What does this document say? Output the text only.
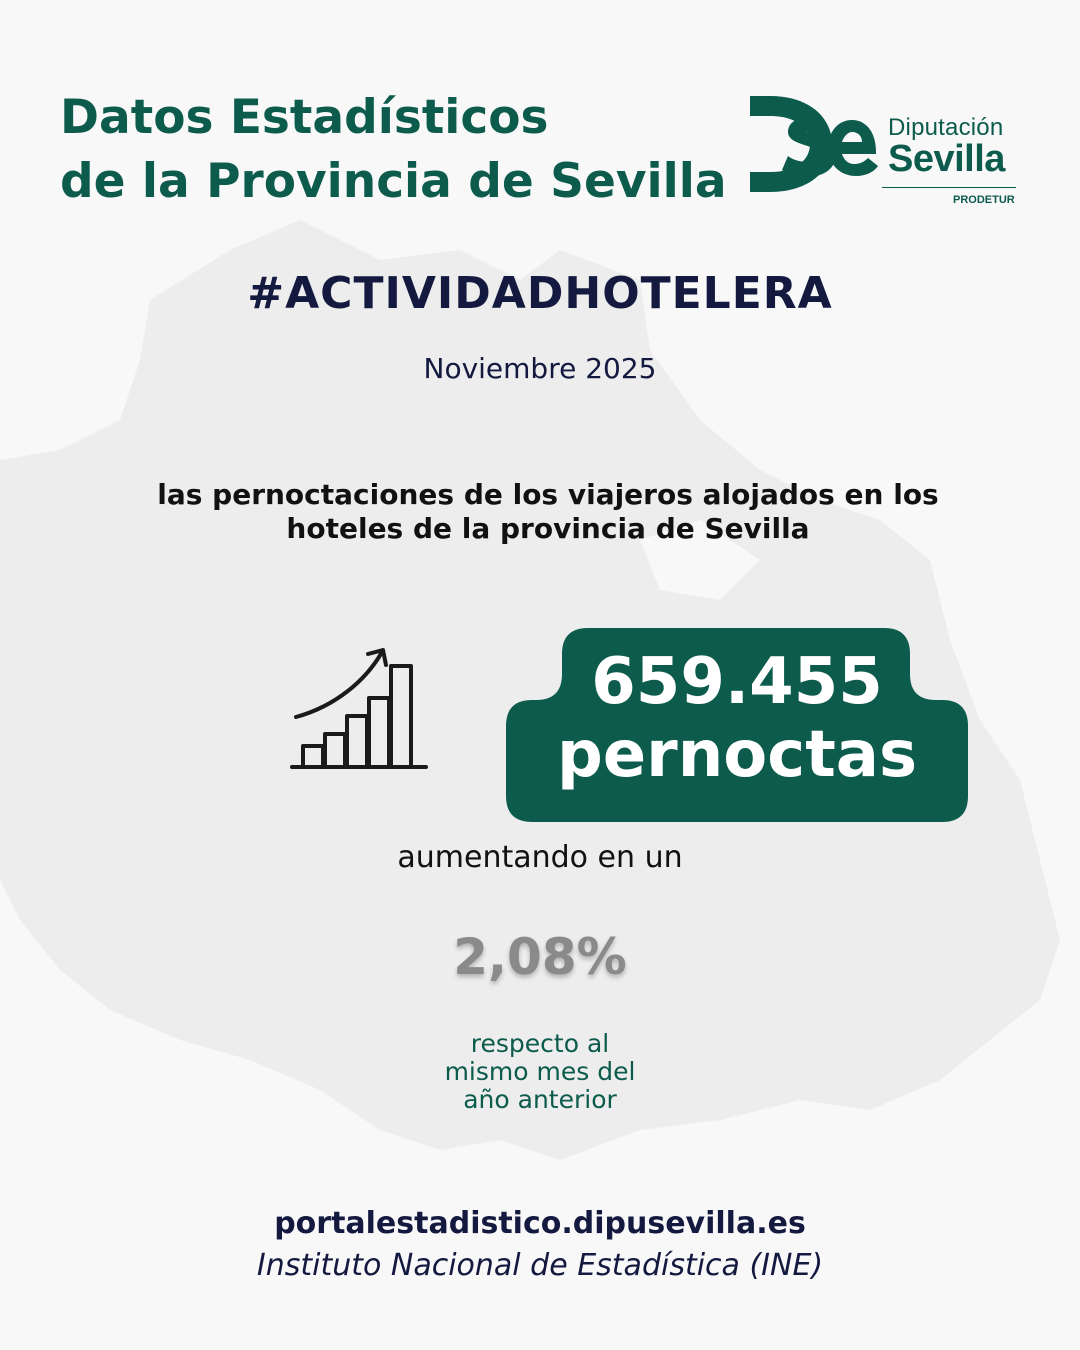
Datos Estadísticos
de la Provincia de Sevilla
Diputación
Sevilla
PRODETUR
#ACTIVIDADHOTELERA
Noviembre 2025
las pernoctaciones de los viajeros alojados en los
hoteles de la provincia de Sevilla
659.455
pernoctas
aumentando en un
2,08%
respecto al
mismo mes del
año anterior
portalestadistico.dipusevilla.es
Instituto Nacional de Estadística (INE)
